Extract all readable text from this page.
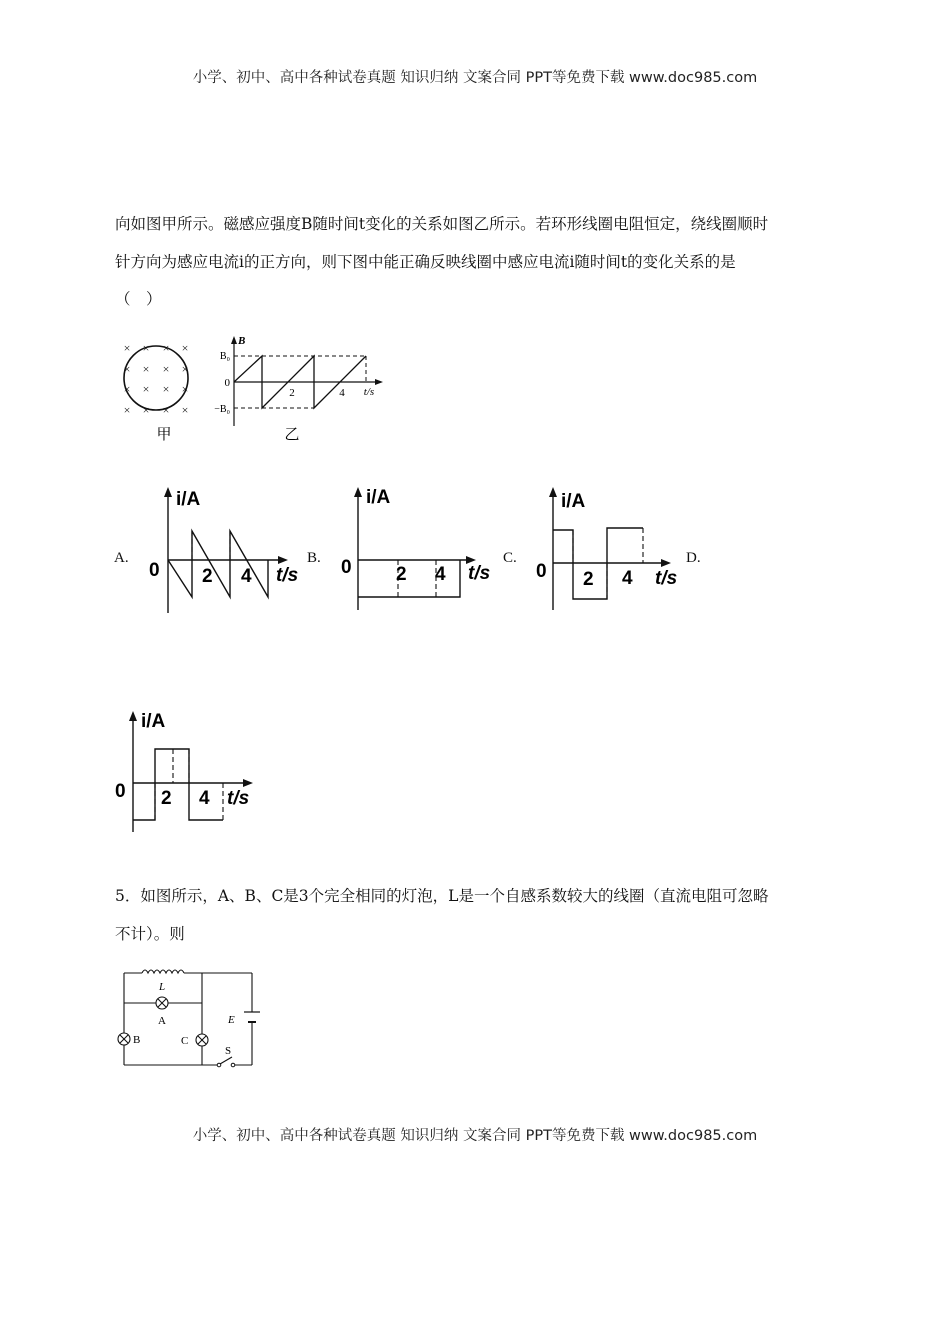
小学、初中、高中各种试卷真题 知识归纳 文案合同 PPT等免费下载 www.doc985.com
向如图甲所示。磁感应强度B随时间t变化的关系如图乙所示。若环形线圈电阻恒定，绕线圈顺时
针方向为感应电流i的正方向，则下图中能正确反映线圈中感应电流i随时间t的变化关系的是
（　）
× × × ×
× × × ×
× × × ×
× × × ×
甲
B
B₀
0
−B₀
2	4 t/s
乙
A.	B.	C.	D.
i/A
0 2 4 t/s
i/A
0 2 4 t/s
i/A
0 2 4 t/s
i/A
0 2 4 t/s
5．如图所示，A、B、C是3个完全相同的灯泡，L是一个自感系数较大的线圈（直流电阻可忽略
不计）。则
L
A
B	C
E
S
小学、初中、高中各种试卷真题 知识归纳 文案合同 PPT等免费下载 www.doc985.com
